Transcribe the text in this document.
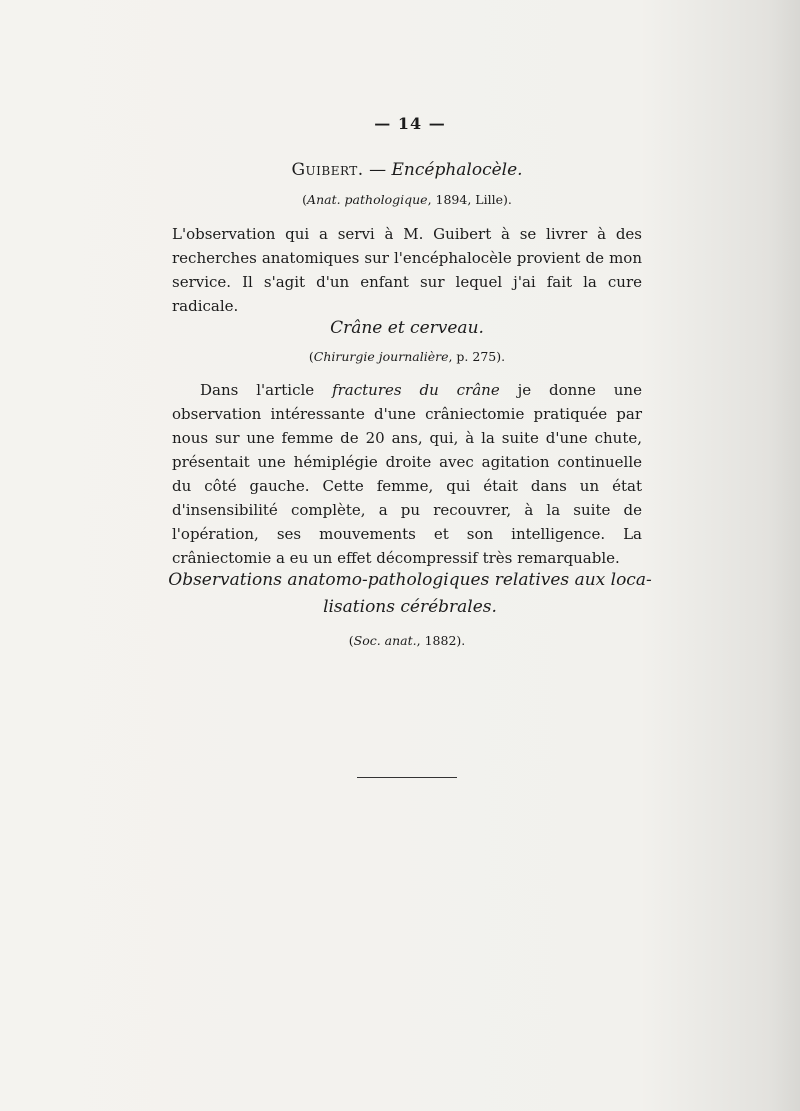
— 14 —
Guibert. — Encéphalocèle.
(Anat. pathologique, 1894, Lille).
L'observation qui a servi à M. Guibert à se livrer à des recherches anatomiques sur l'encéphalocèle provient de mon service. Il s'agit d'un enfant sur lequel j'ai fait la cure radicale.
Crâne et cerveau.
(Chirurgie journalière, p. 275).
Dans l'article fractures du crâne je donne une observation intéressante d'une crâniectomie pratiquée par nous sur une femme de 20 ans, qui, à la suite d'une chute, présentait une hémiplégie droite avec agitation continuelle du côté gauche. Cette femme, qui était dans un état d'insensibilité complète, a pu recouvrer, à la suite de l'opération, ses mouvements et son intelligence. La crâniectomie a eu un effet décompressif très remarquable.
Observations anatomo-pathologiques relatives aux loca-
lisations cérébrales.
(Soc. anat., 1882).
